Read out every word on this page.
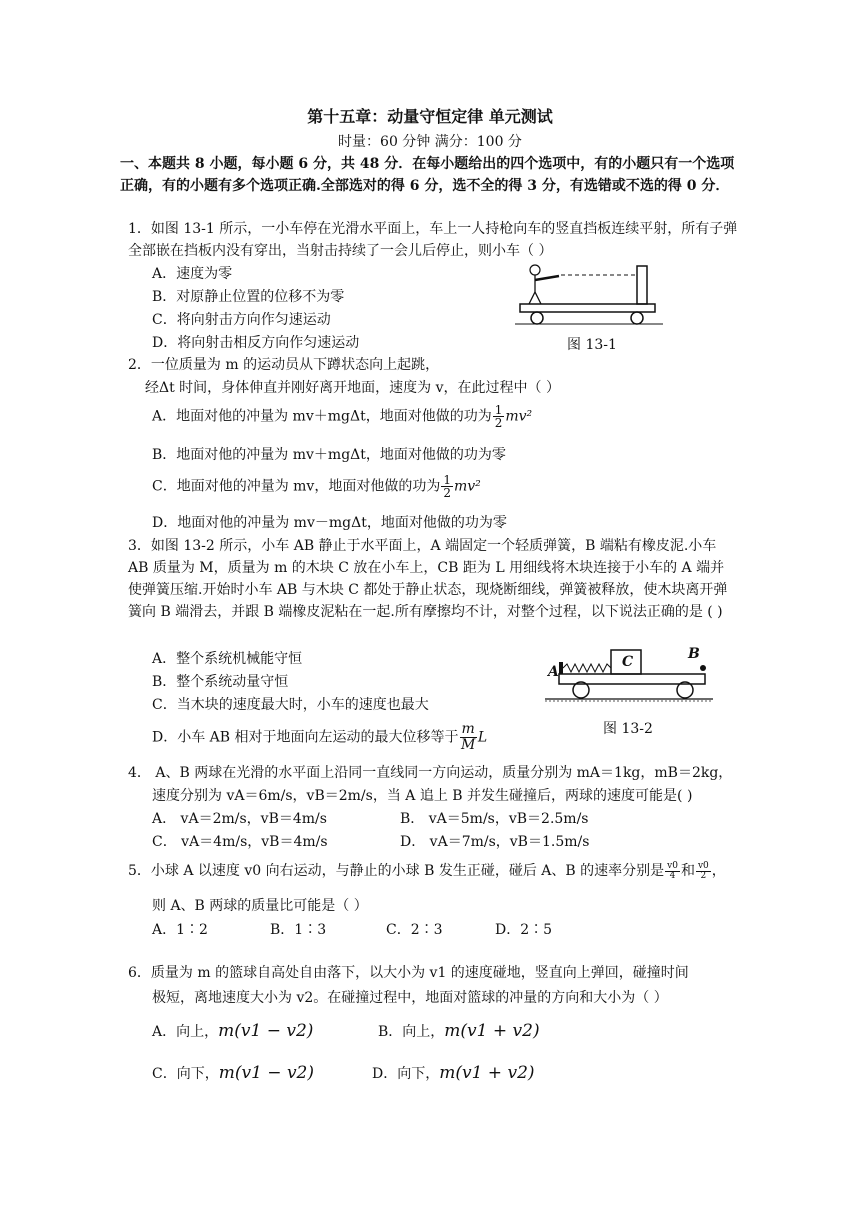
第十五章：动量守恒定律 单元测试
时量：60 分钟 满分：100 分
一、本题共 8 小题，每小题 6 分，共 48 分．在每小题给出的四个选项中，有的小题只有一个选项正确，有的小题有多个选项正确.全部选对的得 6 分，选不全的得 3 分，有选错或不选的得 0 分．
1．如图 13-1 所示，一小车停在光滑水平面上，车上一人持枪向车的竖直挡板连续平射，所有子弹全部嵌在挡板内没有穿出，当射击持续了一会儿后停止，则小车（ ）
A．速度为零
B．对原静止位置的位移不为零
C．将向射击方向作匀速运动
D．将向射击相反方向作匀速运动	图 13-1
2．一位质量为 m 的运动员从下蹲状态向上起跳，
经Δt 时间，身体伸直并刚好离开地面，速度为 v，在此过程中（ ）
A．地面对他的冲量为 mv＋mgΔt，地面对他做的功为 $\frac{1}{2} mv^2$
B．地面对他的冲量为 mv＋mgΔt，地面对他做的功为零
C．地面对他的冲量为 mv，地面对他做的功为 $\frac{1}{2} mv^2$
D．地面对他的冲量为 mv－mgΔt，地面对他做的功为零
3．如图 13-2 所示，小车 AB 静止于水平面上，A 端固定一个轻质弹簧，B 端粘有橡皮泥.小车 AB 质量为 M，质量为 m 的木块 C 放在小车上，CB 距为 L 用细线将木块连接于小车的 A 端并使弹簧压缩.开始时小车 AB 与木块 C 都处于静止状态，现烧断细线，弹簧被释放，使木块离开弹簧向 B 端滑去，并跟 B 端橡皮泥粘在一起.所有摩擦均不计，对整个过程，以下说法正确的是 ( )
A．整个系统机械能守恒
B．整个系统动量守恒
C．当木块的速度最大时，小车的速度也最大
D．小车 AB 相对于地面向左运动的最大位移等于 $\frac{m}{M}$ L
A
C	B
图 13-2
4． A、B 两球在光滑的水平面上沿同一直线同一方向运动，质量分别为 mA＝1kg，mB＝2kg，
速度分别为 vA＝6m/s，vB＝2m/s，当 A 追上 B 并发生碰撞后，两球的速度可能是( )
A． vA＝2m/s，vB＝4m/s	B． vA＝5m/s，vB＝2.5m/s
C． vA＝4m/s，vB＝4m/s	D． vA＝7m/s，vB＝1.5m/s
5．小球 A 以速度 v0 向右运动，与静止的小球 B 发生正碰，碰后 A、B 的速率分别是 $\frac{v0}{4}$ 和 $\frac{v0}{2}$ ，
则 A、B 两球的质量比可能是（ ）
A．1∶2	B．1∶3	C．2∶3	D．2∶5
6．质量为 m 的篮球自高处自由落下，以大小为 v1 的速度碰地，竖直向上弹回，碰撞时间
极短，离地速度大小为 v2。在碰撞过程中，地面对篮球的冲量的方向和大小为（ ）
A．向上，m(v1 − v2)	B．向上，m(v1 + v2)
C．向下，m(v1 − v2)	D．向下，m(v1 + v2)
